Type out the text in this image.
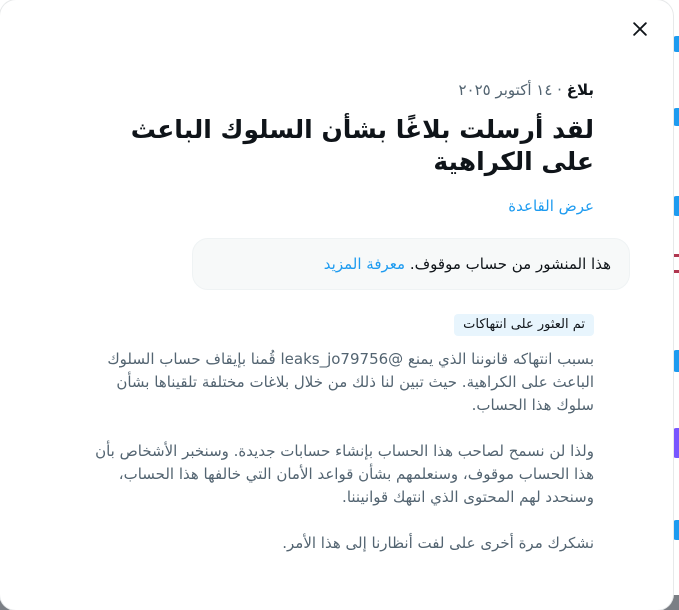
بلاغ · ١٤ أكتوبر ٢٠٢٥
لقد أرسلت بلاغًا بشأن السلوك الباعث على الكراهية
عرض القاعدة
هذا المنشور من حساب موقوف. معرفة المزيد
تم العثور على انتهاكات

بسبب انتهاكه قانوننا الذي يمنع @leaks_jo79756 قُمنا بإيقاف حساب السلوك الباعث على الكراهية. حيث تبين لنا ذلك من خلال بلاغات مختلفة تلقيناها بشأن سلوك هذا الحساب.

ولذا لن نسمح لصاحب هذا الحساب بإنشاء حسابات جديدة. وسنخبر الأشخاص بأن هذا الحساب موقوف، وسنعلمهم بشأن قواعد الأمان التي خالفها هذا الحساب، وسنحدد لهم المحتوى الذي انتهك قوانيننا.

نشكرك مرة أخرى على لفت أنظارنا إلى هذا الأمر.
